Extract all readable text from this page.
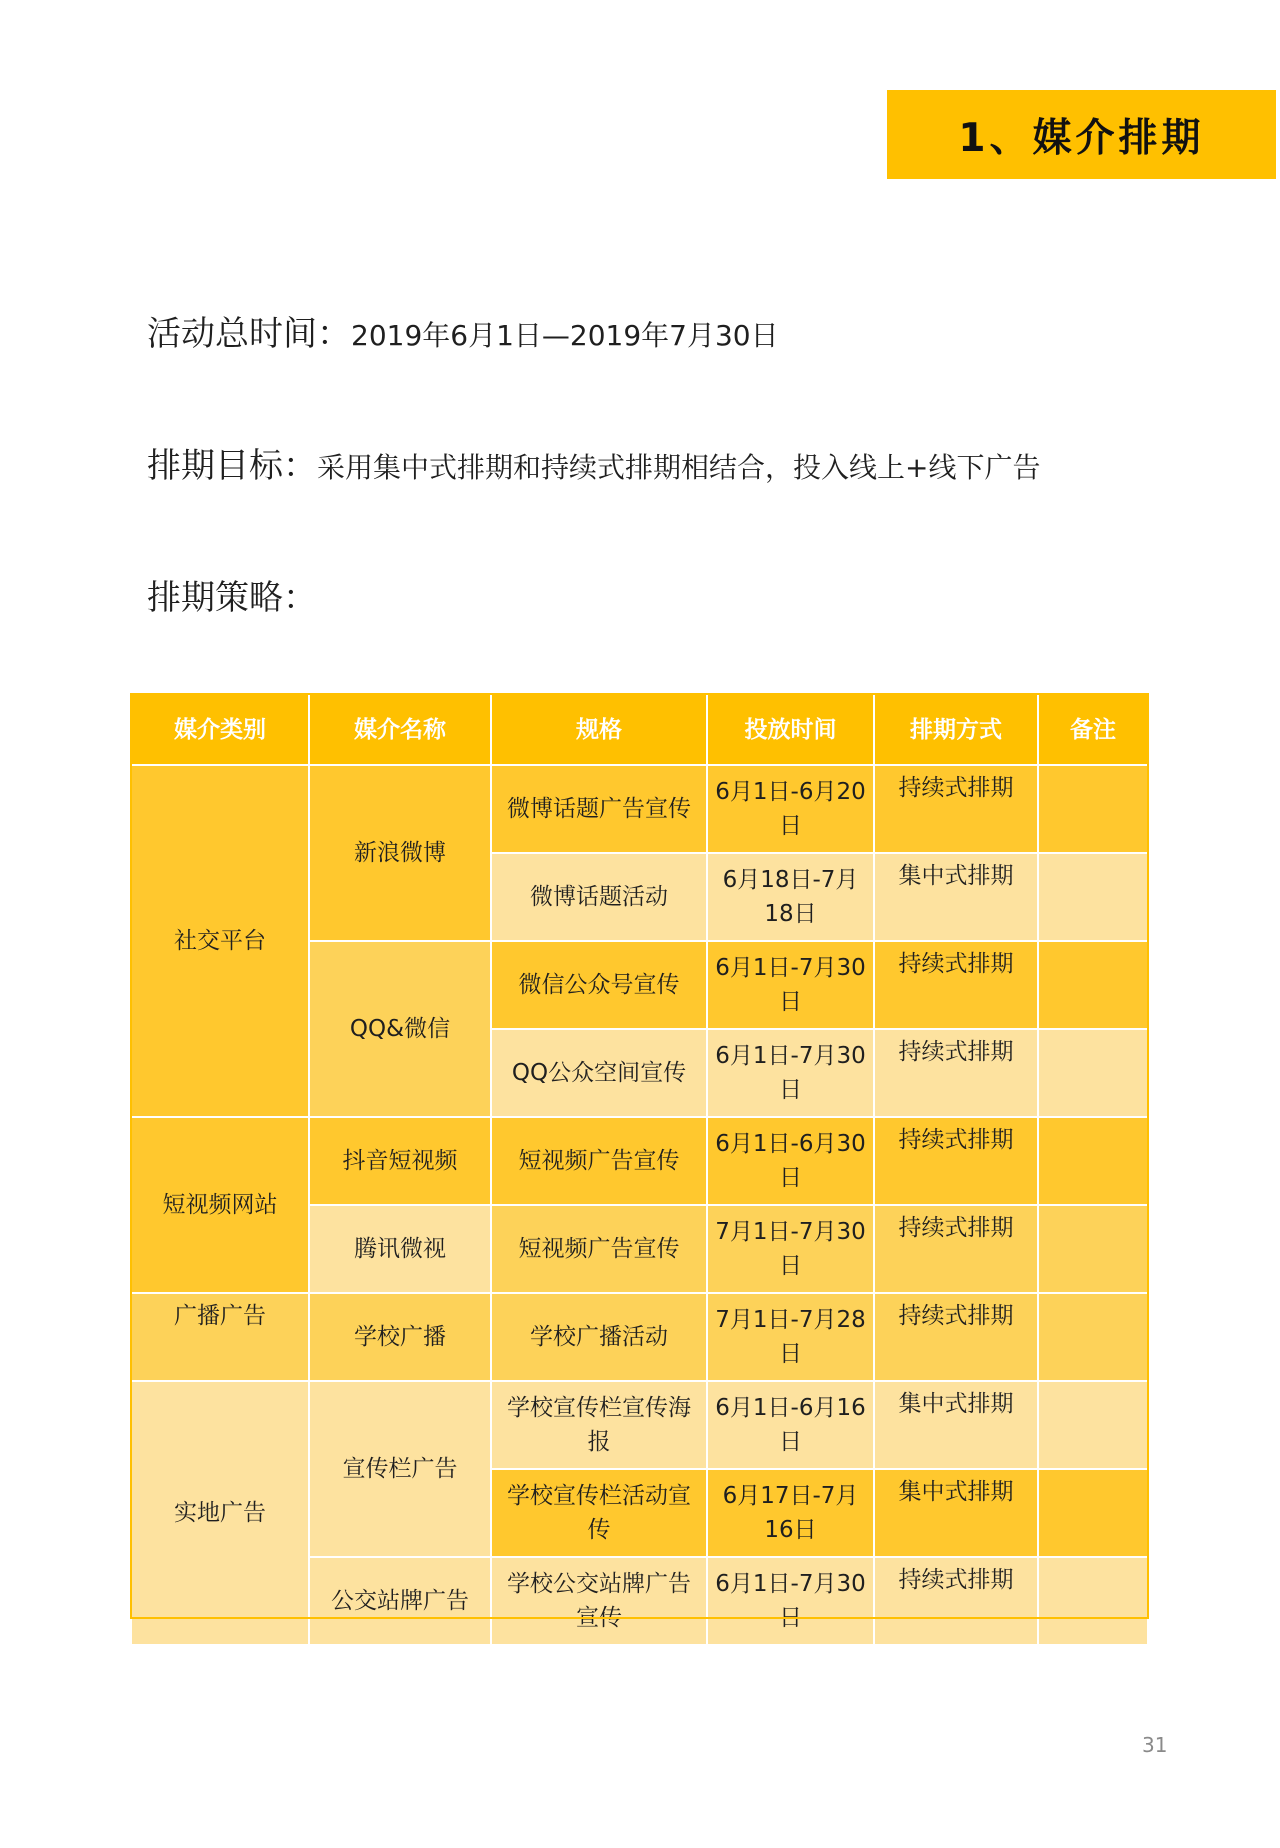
1、媒介排期
活动总时间：2019年6月1日—2019年7月30日
排期目标：采用集中式排期和持续式排期相结合，投入线上+线下广告
排期策略：
媒介类别	媒介名称	规格	投放时间	排期方式	备注
社交平台	新浪微博	微博话题广告宣传	6月1日-6月20日	持续式排期	
		微博话题活动	6月18日-7月18日	集中式排期	
	QQ&微信	微信公众号宣传	6月1日-7月30日	持续式排期	
		QQ公众空间宣传	6月1日-7月30日	持续式排期	
短视频网站	抖音短视频	短视频广告宣传	6月1日-6月30日	持续式排期	
	腾讯微视	短视频广告宣传	7月1日-7月30日	持续式排期	
广播广告	学校广播	学校广播活动	7月1日-7月28日	持续式排期	
实地广告	宣传栏广告	学校宣传栏宣传海报	6月1日-6月16日	集中式排期	
		学校宣传栏活动宣传	6月17日-7月16日	集中式排期	
	公交站牌广告	学校公交站牌广告宣传	6月1日-7月30日	持续式排期	
31
